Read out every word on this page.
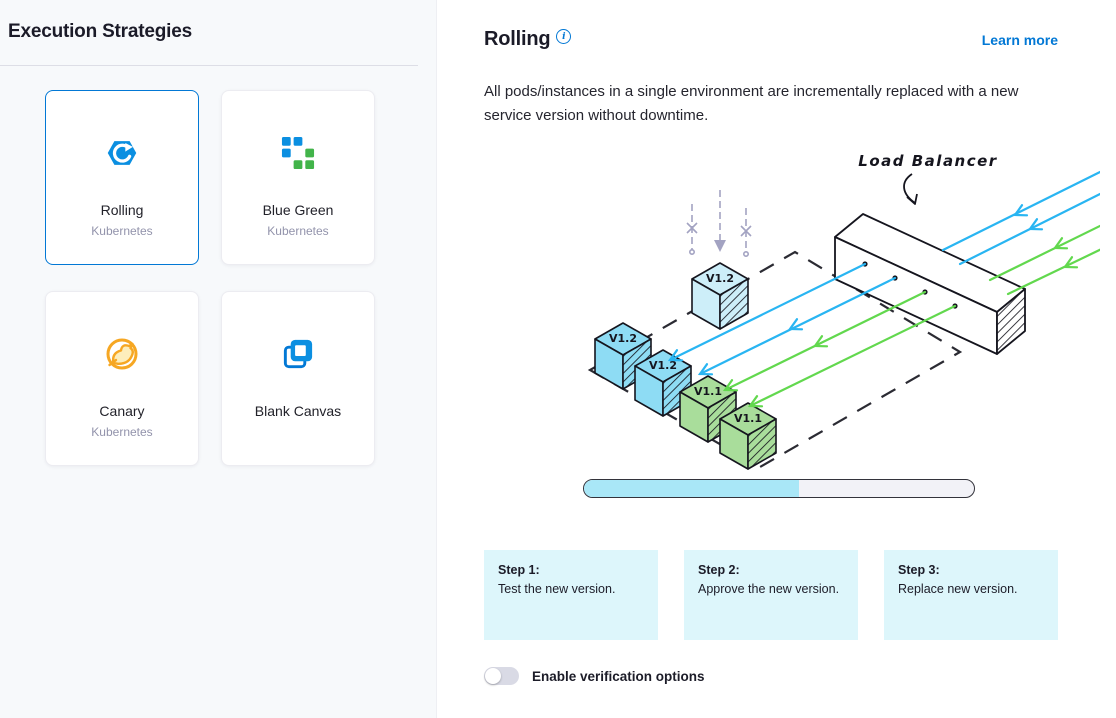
Execution Strategies
Rolling
Kubernetes
Blue Green
Kubernetes
Canary
Kubernetes
Blank Canvas
Rolling i	Learn more
All pods/instances in a single environment are incrementally replaced with a new service version without downtime.
V1.2
V1.2
V1.2
V1.1
V1.1
Load Balancer
Step 1:
Test the new version.
Step 2:
Approve the new version.
Step 3:
Replace new version.
Enable verification options
